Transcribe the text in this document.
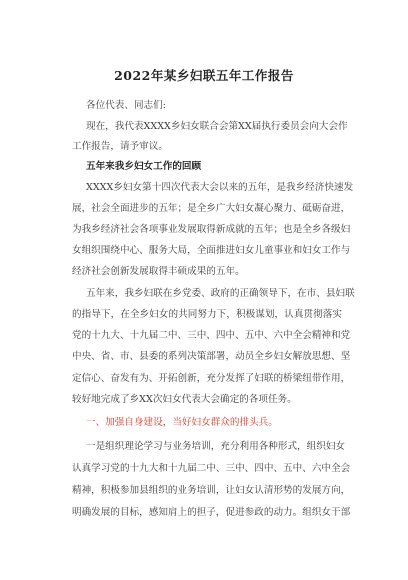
2022年某乡妇联五年工作报告
各位代表、同志们:
现在，我代表XXXX乡妇女联合会第XX届执行委员会向大会作
工作报告，请予审议。
五年来我乡妇女工作的回顾
XXXX乡妇女第十四次代表大会以来的五年，是我乡经济快速发
展，社会全面进步的五年；是全乡广大妇女凝心聚力、砥砺奋进，
为我乡经济社会各项事业发展取得新成就的五年；也是全乡各级妇
女组织围绕中心、服务大局，全面推进妇女儿童事业和妇女工作与
经济社会创新发展取得丰硕成果的五年。
五年来，我乡妇联在乡党委、政府的正确领导下，在市、县妇联
的指导下，在全乡妇女的共同努力下，积极谋划，认真贯彻落实
党的十九大、十九届二中、三中、四中、五中、六中全会精神和党
中央、省、市、县委的系列决策部署，动员全乡妇女解放思想、坚
定信心、奋发有为、开拓创新，充分发挥了妇联的桥梁纽带作用，
较好地完成了乡XX次妇女代表大会确定的各项任务。
一、加强自身建设，当好妇女群众的排头兵。
一是组织理论学习与业务培训，充分利用各种形式，组织妇女
认真学习党的十九大和十九届二中、三中、四中、五中、六中全会
精神，积极参加县组织的业务培训，让妇女认清形势的发展方向，
明确发展的目标，感知肩上的担子，促进参政的动力。组织女干部
